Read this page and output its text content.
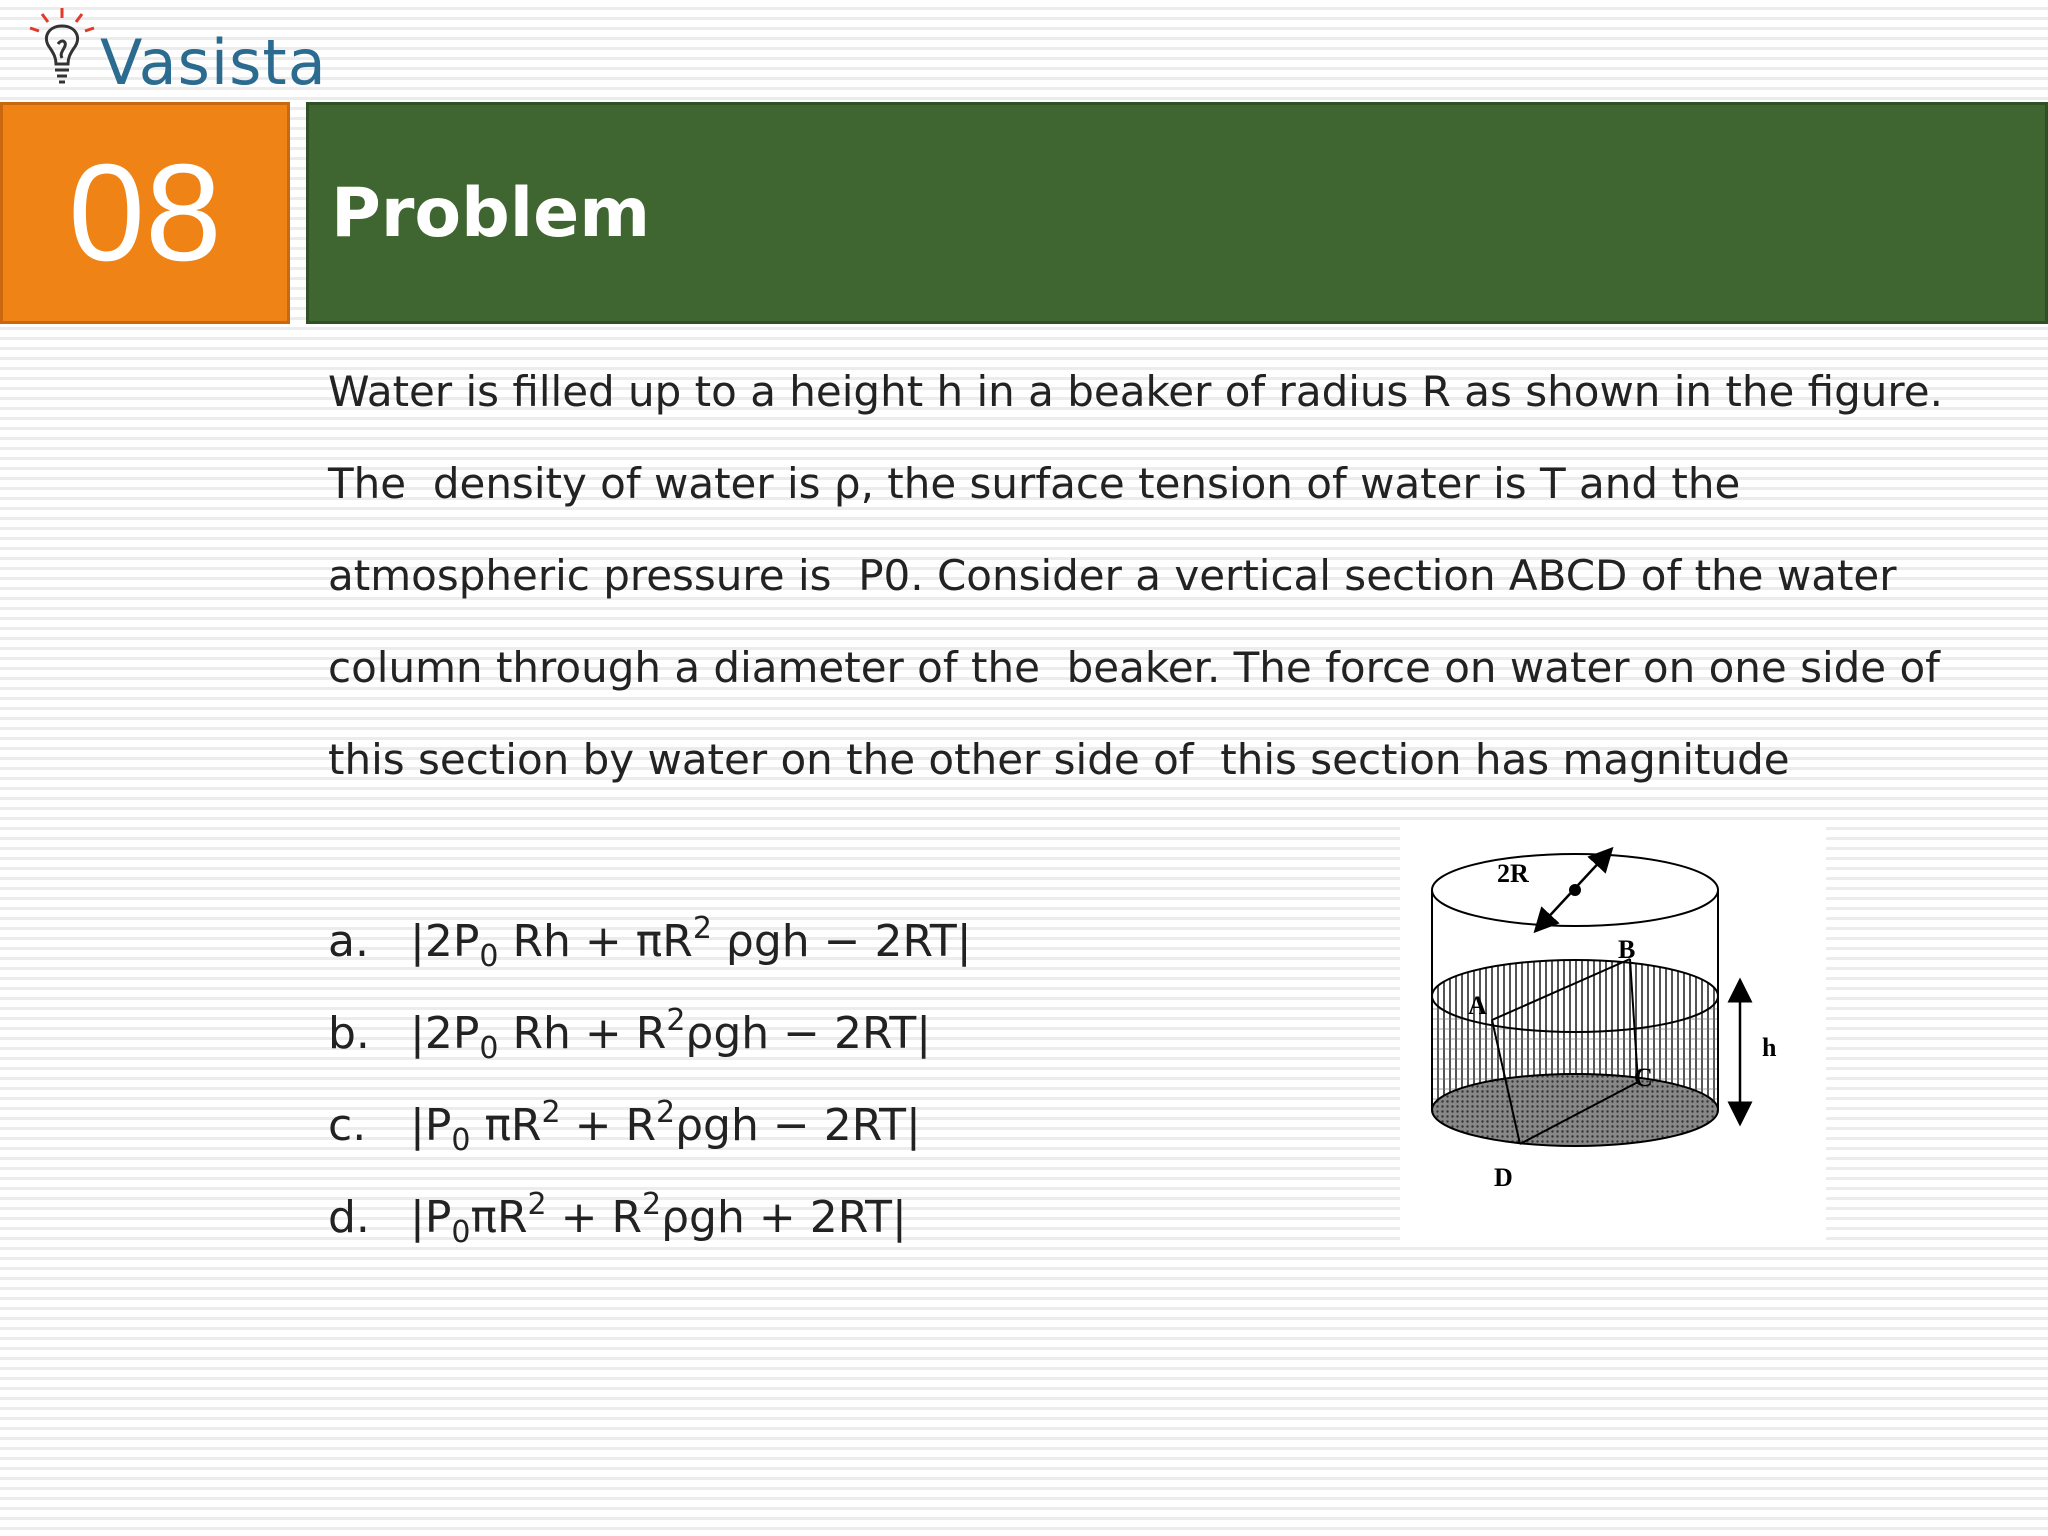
Vasista
08	Problem
Water is filled up to a height h in a beaker of radius R as shown in the figure.
The  density of water is ρ, the surface tension of water is T and the
atmospheric pressure is  P0. Consider a vertical section ABCD of the water
column through a diameter of the  beaker. The force on water on one side of
this section by water on the other side of  this section has magnitude
a. $|2P_0$ $Rh + \pi R^2$ ρgh − 2RT|
b. $|2P_0$ $Rh + R^2\rho gh - 2RT|$
c. $|P_0$ $\pi R^2 + R^2\rho gh - 2RT|$
d. $|P_0\pi R^2 + R^2\rho gh + 2RT|$
2R
B
A
C
D
h
